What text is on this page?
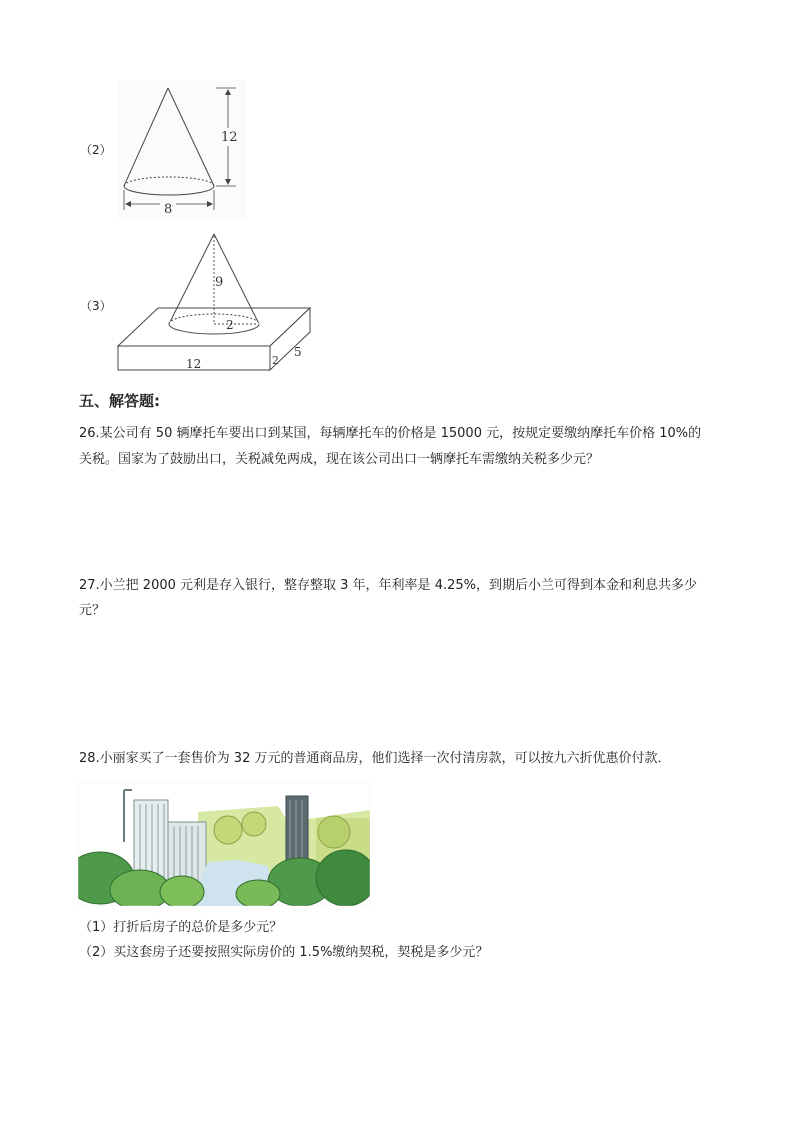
（2）
12
8
（3）
9
2
12	2
5
五、解答题:
26.某公司有 50 辆摩托车要出口到某国，每辆摩托车的价格是 15000 元，按规定要缴纳摩托车价格 10%的
关税。国家为了鼓励出口，关税减免两成，现在该公司出口一辆摩托车需缴纳关税多少元？
27.小兰把 2000 元利是存入银行，整存整取 3 年，年利率是 4.25%，到期后小兰可得到本金和利息共多少
元？
28.小丽家买了一套售价为 32 万元的普通商品房，他们选择一次付清房款，可以按九六折优惠价付款．
（1）打折后房子的总价是多少元？
（2）买这套房子还要按照实际房价的 1.5%缴纳契税，契税是多少元？
